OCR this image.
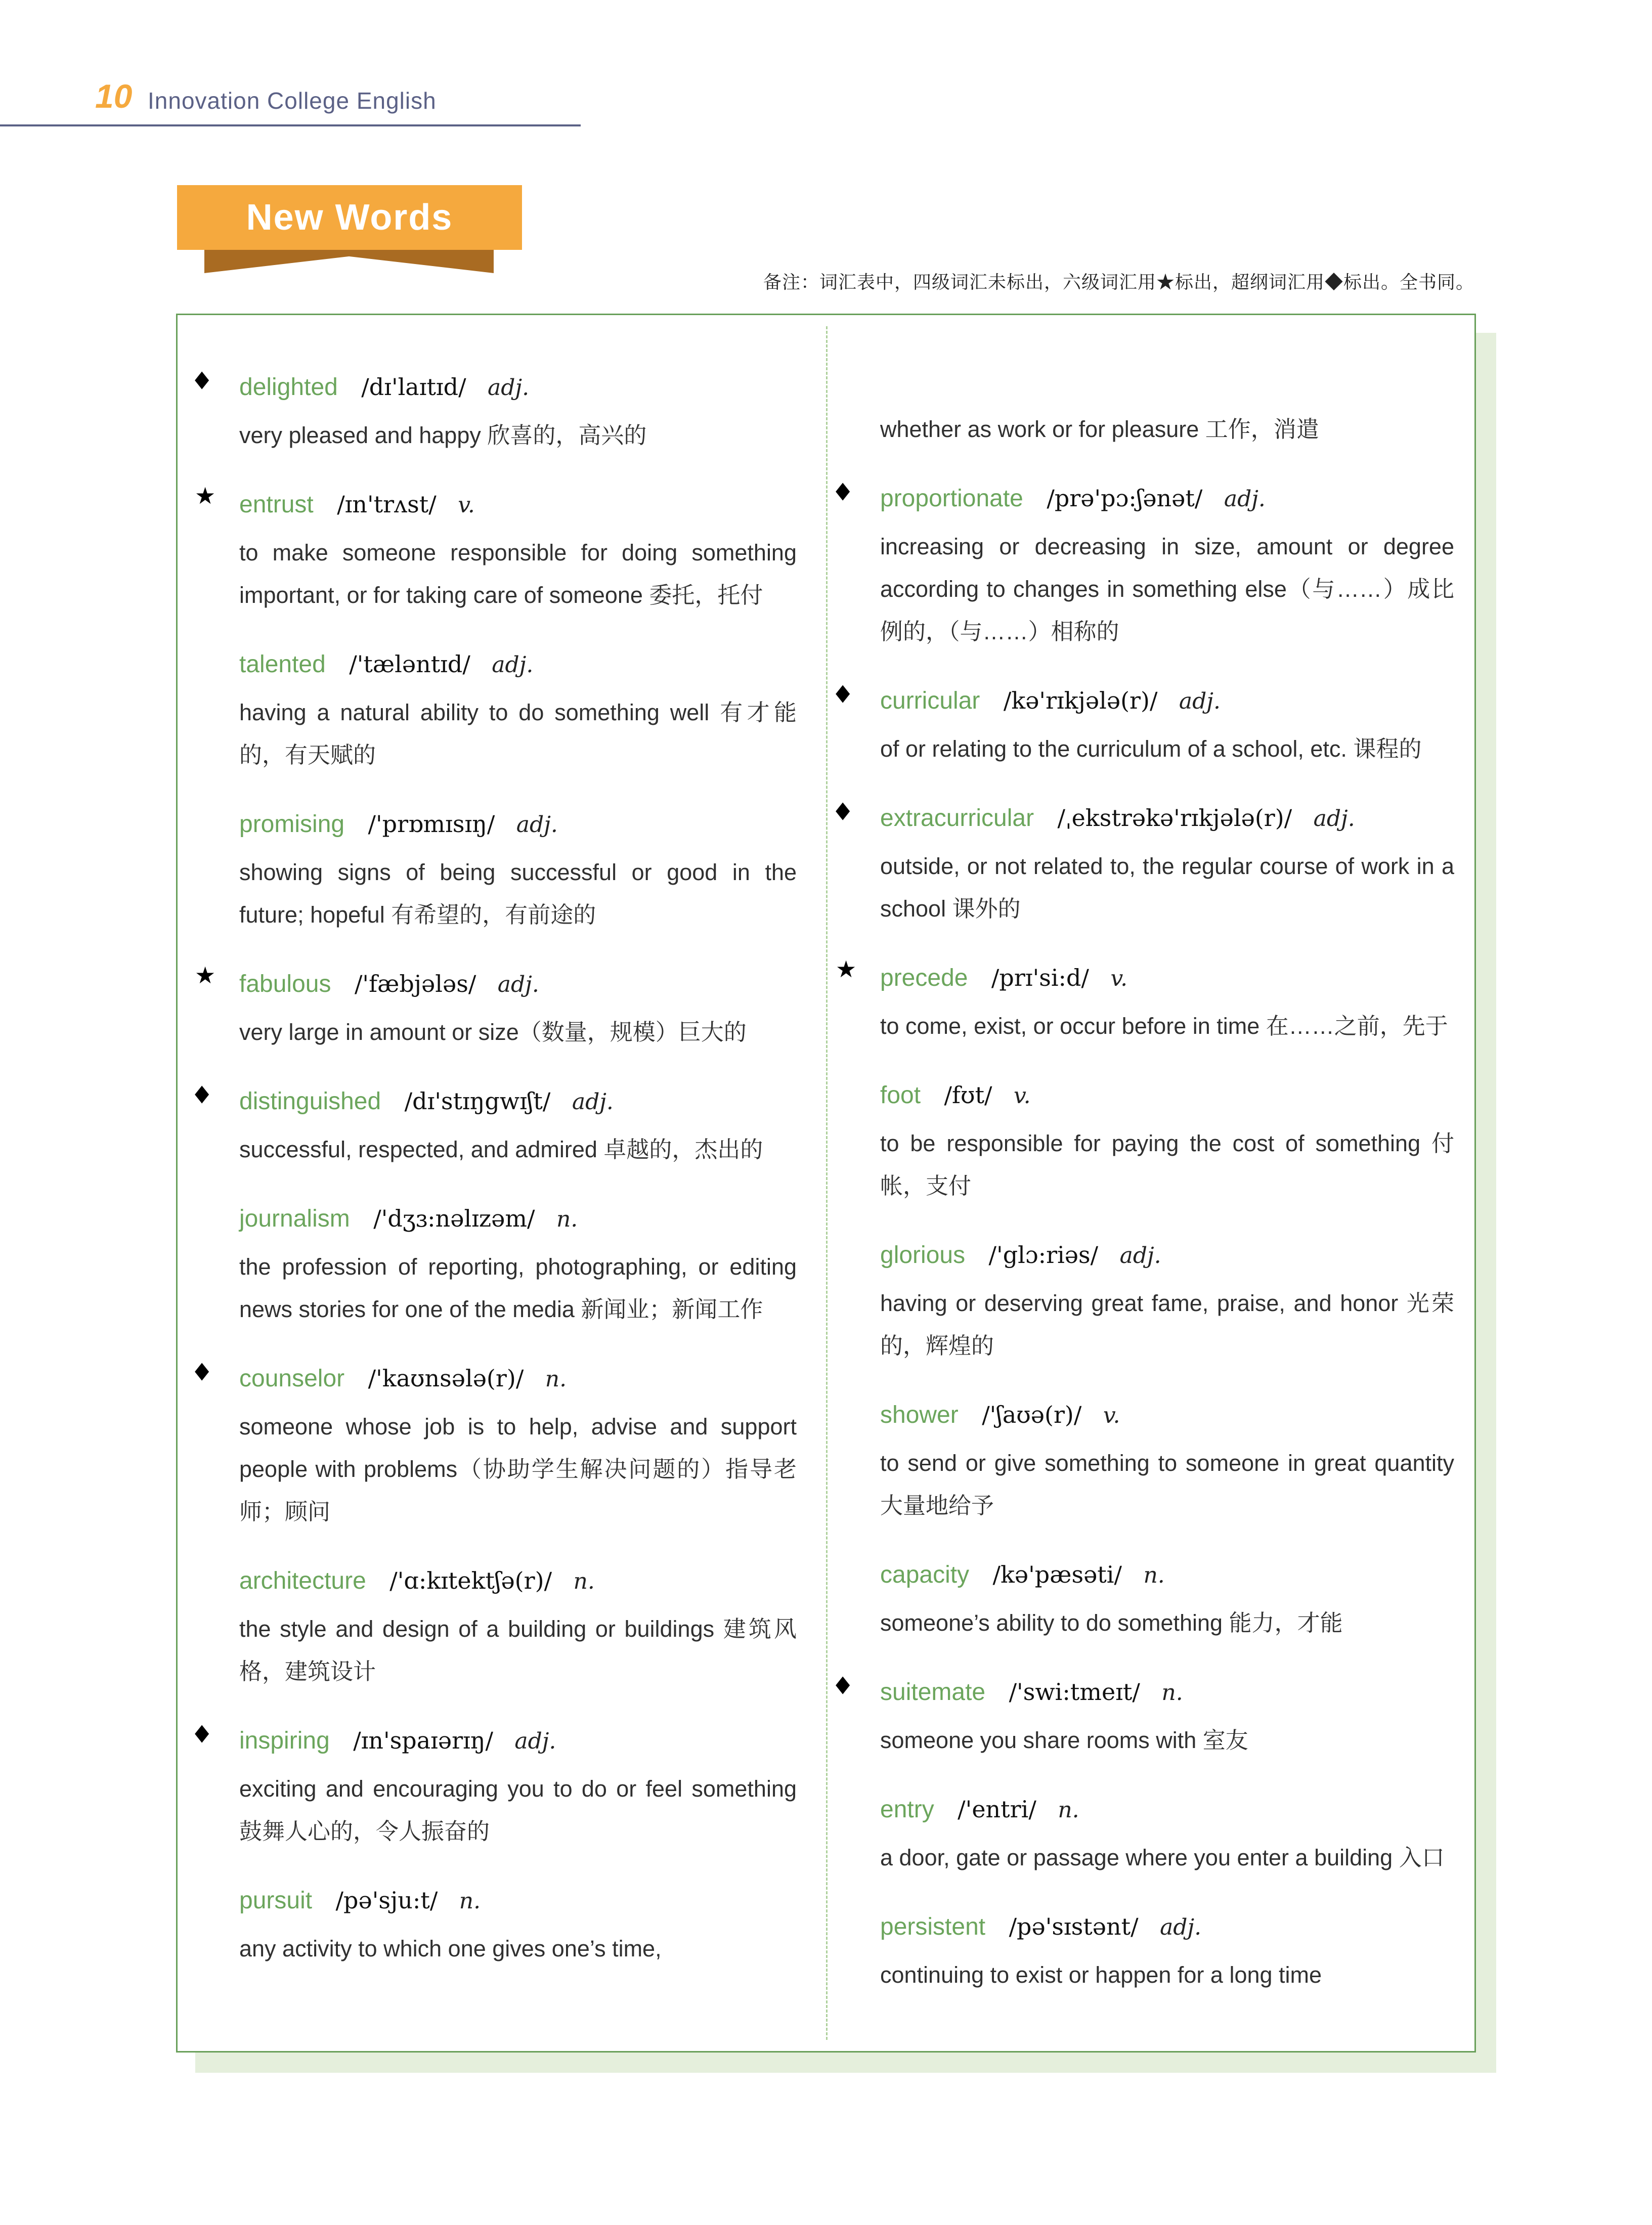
10 Innovation College English
New Words
备注：词汇表中，四级词汇未标出，六级词汇用★标出，超纲词汇用◆标出。全书同。
◆ delighted /dɪ'laɪtɪd/ adj.

very pleased and happy 欣喜的，高兴的

★ entrust /ɪn'trʌst/ v.

to make someone responsible for doing something important, or for taking care of someone 委托，托付

talented /'tæləntɪd/ adj.

having a natural ability to do something well 有才能的，有天赋的

promising /'prɒmɪsɪŋ/ adj.

showing signs of being successful or good in the future; hopeful 有希望的，有前途的

★ fabulous /'fæbjələs/ adj.

very large in amount or size（数量，规模）巨大的

◆ distinguished /dɪ'stɪŋgwɪʃt/ adj.

successful, respected, and admired 卓越的，杰出的

journalism /'dʒɜ:nəlɪzəm/ n.

the profession of reporting, photographing, or editing news stories for one of the media 新闻业；新闻工作

◆ counselor /'kaʊnsələ(r)/ n.

someone whose job is to help, advise and support people with problems（协助学生解决问题的）指导老师；顾问

architecture /'ɑ:kɪtektʃə(r)/ n.

the style and design of a building or buildings 建筑风格，建筑设计

◆ inspiring /ɪn'spaɪərɪŋ/ adj.

exciting and encouraging you to do or feel something 鼓舞人心的，令人振奋的

pursuit /pə'sju:t/ n.

any activity to which one gives one’s time,

whether as work or for pleasure 工作，消遣

◆ proportionate /prə'pɔ:ʃənət/ adj.

increasing or decreasing in size, amount or degree according to changes in something else（与……）成比例的，（与……）相称的

◆ curricular /kə'rɪkjələ(r)/ adj.

of or relating to the curriculum of a school, etc. 课程的

◆ extracurricular /ˌekstrəkə'rɪkjələ(r)/ adj.

outside, or not related to, the regular course of work in a school 课外的

★ precede /prɪ'si:d/ v.

to come, exist, or occur before in time 在……之前，先于

foot /fʊt/ v.

to be responsible for paying the cost of something 付帐，支付

glorious /'glɔ:riəs/ adj.

having or deserving great fame, praise, and honor 光荣的，辉煌的

shower /'ʃaʊə(r)/ v.

to send or give something to someone in great quantity 大量地给予

capacity /kə'pæsəti/ n.

someone’s ability to do something 能力，才能

◆ suitemate /'swi:tmeɪt/ n.

someone you share rooms with 室友

entry /'entri/ n.

a door, gate or passage where you enter a building 入口

persistent /pə'sɪstənt/ adj.

continuing to exist or happen for a long time
